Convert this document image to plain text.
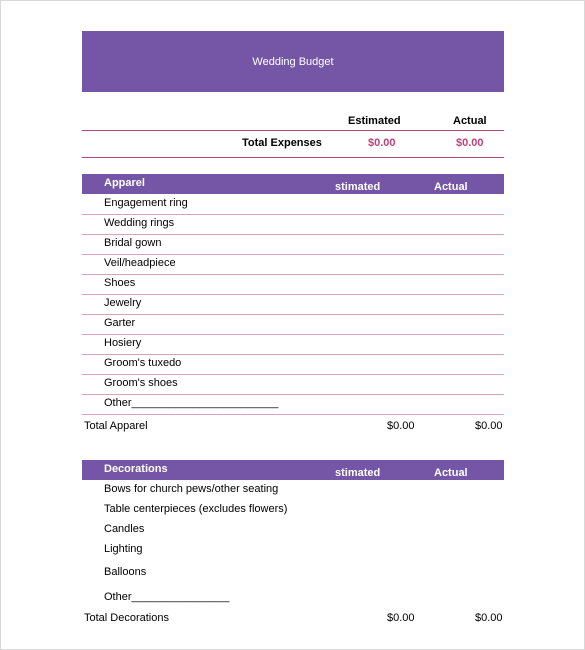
Wedding Budget
Estimated	Actual
Total Expenses	$0.00	$0.00
Apparel	stimated	Actual
Engagement ring
Wedding rings
Bridal gown
Veil/headpiece
Shoes
Jewelry
Garter
Hosiery
Groom's tuxedo
Groom's shoes
Other________________________
Total Apparel	$0.00	$0.00
Decorations	stimated	Actual
Bows for church pews/other seating
Table centerpieces (excludes flowers)
Candles
Lighting
Balloons
Other________________
Total Decorations	$0.00	$0.00
